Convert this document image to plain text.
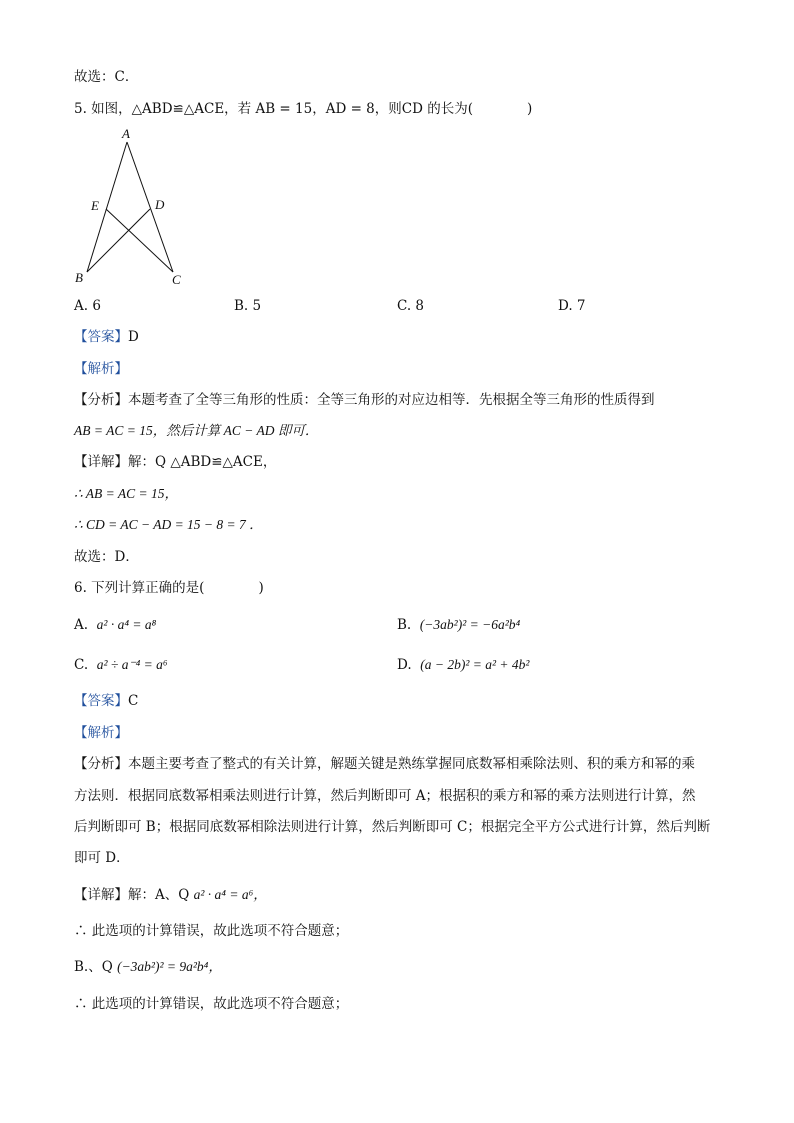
故选：C．
5. 如图，△ABD≌△ACE，若 AB = 15，AD = 8，则CD 的长为(　　　　)
A
E	D
B	C
A. 6	B. 5	C. 8	D. 7
【答案】D
【解析】
【分析】本题考查了全等三角形的性质：全等三角形的对应边相等．先根据全等三角形的性质得到
AB = AC = 15，然后计算 AC − AD 即可．
【详解】解：Q △ABD≌△ACE，
∴ AB = AC = 15，
∴ CD = AC − AD = 15 − 8 = 7 ．
故选：D．
6. 下列计算正确的是(　　　　)
A. a² · a⁴ = a⁸	B. (−3ab²)² = −6a²b⁴
C. a² ÷ a⁻⁴ = a⁶	D. (a − 2b)² = a² + 4b²
【答案】C
【解析】
【分析】本题主要考查了整式的有关计算，解题关键是熟练掌握同底数幂相乘除法则、积的乘方和幂的乘
方法则．根据同底数幂相乘法则进行计算，然后判断即可 A；根据积的乘方和幂的乘方法则进行计算，然
后判断即可 B；根据同底数幂相除法则进行计算，然后判断即可 C；根据完全平方公式进行计算，然后判断
即可 D．
【详解】解：A、Q a² · a⁴ = a⁶，
∴ 此选项的计算错误，故此选项不符合题意；
B.、Q (−3ab²)² = 9a²b⁴，
∴ 此选项的计算错误，故此选项不符合题意；
